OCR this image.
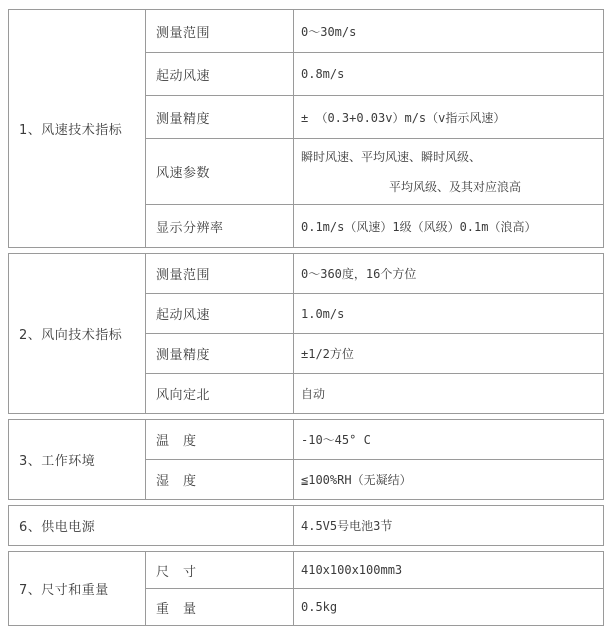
1、风速技术指标	测量范围	0～30m/s
	起动风速	0.8m/s
	测量精度	± （0.3+0.03v）m/s（v指示风速）
	风速参数	瞬时风速、平均风速、瞬时风级、
平均风级、及其对应浪高

	显示分辨率	0.1m/s（风速）1级（风级）0.1m（浪高）
2、风向技术指标	测量范围	0～360度，16个方位
	起动风速	1.0m/s
	测量精度	±1/2方位
	风向定北	自动
3、工作环境	温　度	-10～45° C
	湿　度	≦100%RH（无凝结）
6、供电电源	4.5V5号电池3节
7、尺寸和重量	尺　寸	410x100x100mm3
	重　量	0.5kg
